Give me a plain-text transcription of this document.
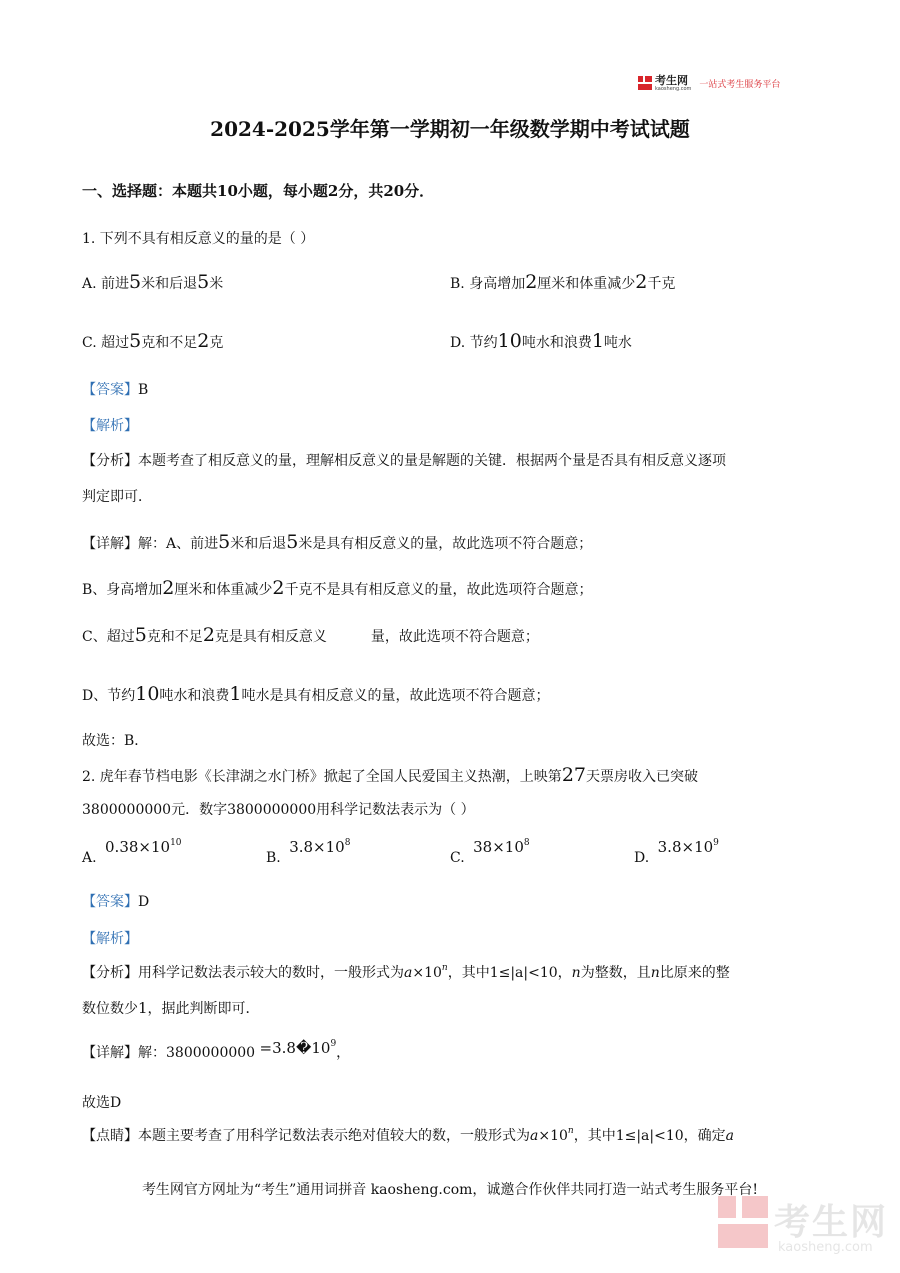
考生网
kaosheng.com 一站式考生服务平台
2024-2025学年第一学期初一年级数学期中考试试题
一、选择题：本题共10小题，每小题2分，共20分．
1. 下列不具有相反意义的量的是（ ）
A. 前进5米和后退5米	B. 身高增加2厘米和体重减少2千克
C. 超过5克和不足2克	D. 节约10吨水和浪费1吨水
【答案】B
【解析】
【分析】本题考查了相反意义的量，理解相反意义的量是解题的关键．根据两个量是否具有相反意义逐项
判定即可．
【详解】解：A、前进5米和后退5米是具有相反意义的量，故此选项不符合题意；
B、身高增加2厘米和体重减少2千克不是具有相反意义的量，故此选项符合题意；
C、超过5克和不足2克是具有相反意义	量，故此选项不符合题意；
D、节约10吨水和浪费1吨水是具有相反意义的量，故此选项不符合题意；
故选：B．
2. 虎年春节档电影《长津湖之水门桥》掀起了全国人民爱国主义热潮，上映第27天票房收入已突破
3800000000元．数字3800000000用科学记数法表示为（ ）
A. $0.38\times 10^{10}$
B. $3.8\times 10^8$
C. $38\times 10^8$
D. $3.8\times 10^9$
【答案】D
【解析】
【分析】用科学记数法表示较大的数时，一般形式为$a\times 10^n$，其中1≤|a|<10，n为整数，且n比原来的整
数位数少1，据此判断即可．
【详解】解：$3800000000 =3.8�10^9$，
故选D
【点睛】本题主要考查了用科学记数法表示绝对值较大的数，一般形式为$a\times 10^n$，其中1≤|a|<10，确定a
考生网官方网址为“考生”通用词拼音 kaosheng.com，诚邀合作伙伴共同打造一站式考生服务平台!
考生网
kaosheng.com
